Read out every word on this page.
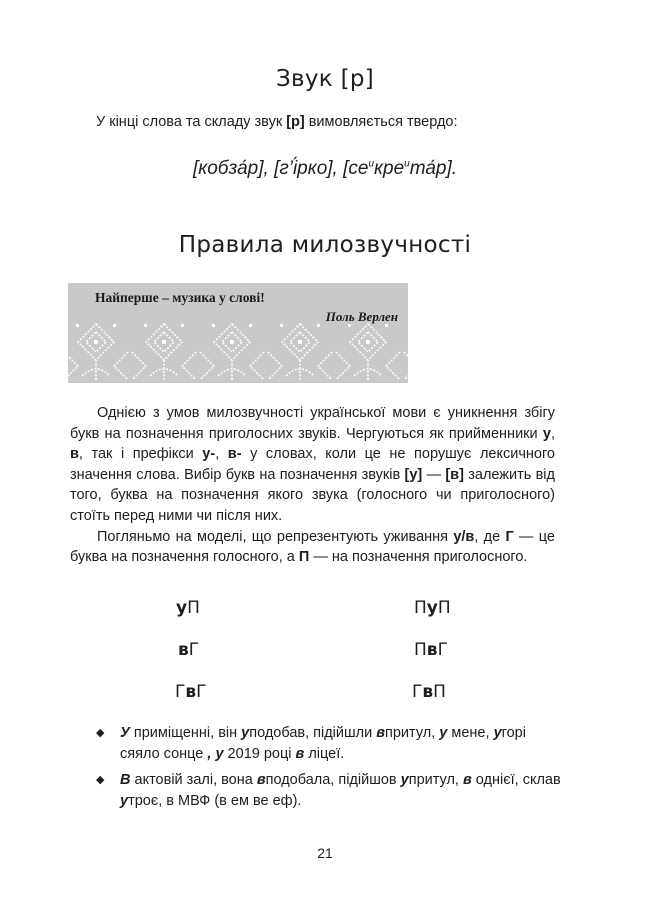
Звук [р]

У кінці слова та складу звук [р] вимовляється твердо:

[кобза́р], [г’і́рко], $[се^икре^ита́р]$.

Правила милозвучності
Найперше – музика у слові!
Поль Верлен

Однією з умов милозвучності української мови є уникнення збігу букв на позначення приголосних звуків. Чергуються як прийменники у, в, так і префікси у-, в- у словах, коли це не порушує лексичного значення слова. Вибір букв на позначення звуків [у] — [в] залежить від того, буква на позначення якого звука (голосного чи приголосного) стоїть перед ними чи після них.

Погляньмо на моделі, що репрезентують уживання у/в, де Г — це буква на позначення голосного, а П — на позначення приголосного.

уП	ПуП
вГ	ПвГ
ГвГ	ГвП
◆ У приміщенні, він уподобав, підійшли впритул, у мене, угорі сяяло сонце , у 2019 році в ліцеї.
◆ В актовій залі, вона вподобала, підійшов упритул, в однієї, склав утроє, в МВФ (в ем ве еф).
21
